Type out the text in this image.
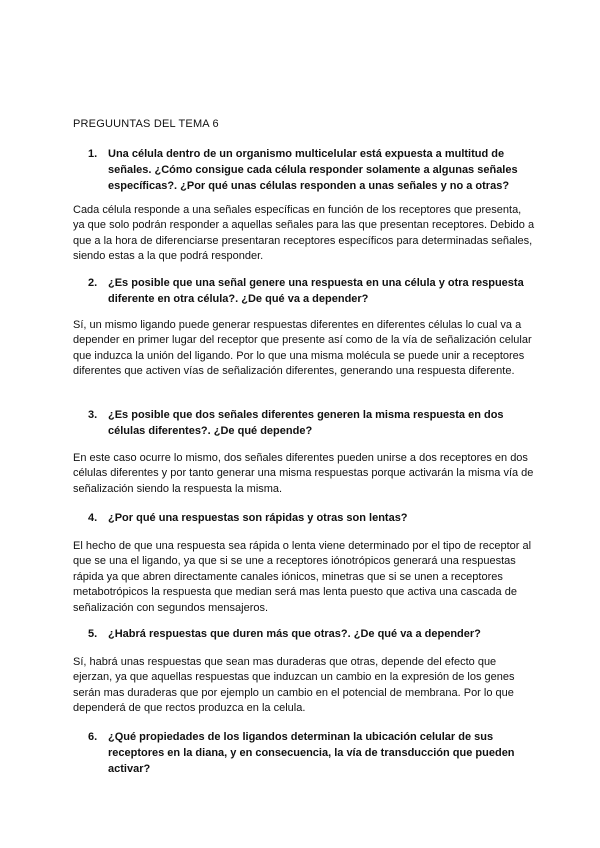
PREGUUNTAS DEL TEMA 6
1. Una célula dentro de un organismo multicelular está expuesta a multitud de señales. ¿Cómo consigue cada célula responder solamente a algunas señales específicas?. ¿Por qué unas células responden a unas señales y no a otras?
Cada célula responde a una señales específicas en función de los receptores que presenta, ya que solo podrán responder a aquellas señales para las que presentan receptores. Debido a que a la hora de diferenciarse presentaran receptores específicos para determinadas señales, siendo estas a la que podrá responder.
2. ¿Es posible que una señal genere una respuesta en una célula y otra respuesta diferente en otra célula?. ¿De qué va a depender?
Sí, un mismo ligando puede generar respuestas diferentes en diferentes células lo cual va a depender en primer lugar del receptor que presente así como de la vía de señalización celular que induzca la unión del ligando. Por lo que una misma molécula se puede unir a receptores diferentes que activen vías de señalización diferentes, generando una respuesta diferente.
3. ¿Es posible que dos señales diferentes generen la misma respuesta en dos células diferentes?. ¿De qué depende?
En este caso ocurre lo mismo, dos señales diferentes pueden unirse a dos receptores en dos células diferentes y por tanto generar una misma respuestas porque activarán la misma vía de señalización siendo la respuesta la misma.
4. ¿Por qué una respuestas son rápidas y otras son lentas?
El hecho de que una respuesta sea rápida o lenta viene determinado por el tipo de receptor al que se una el ligando, ya que si se une a receptores iónotrópicos generará una respuestas rápida ya que abren directamente canales iónicos, minetras que si se unen a receptores metabotrópicos la respuesta que median será mas lenta puesto que activa una cascada de señalización con segundos mensajeros.
5. ¿Habrá respuestas que duren más que otras?. ¿De qué va a depender?
Sí, habrá unas respuestas que sean mas duraderas que otras, depende del efecto que ejerzan, ya que aquellas respuestas que induzcan un cambio en la expresión de los genes serán mas duraderas que por ejemplo un cambio en el potencial de membrana. Por lo que dependerá de que rectos produzca en la celula.
6. ¿Qué propiedades de los ligandos determinan la ubicación celular de sus receptores en la diana, y en consecuencia, la vía de transducción que pueden activar?
